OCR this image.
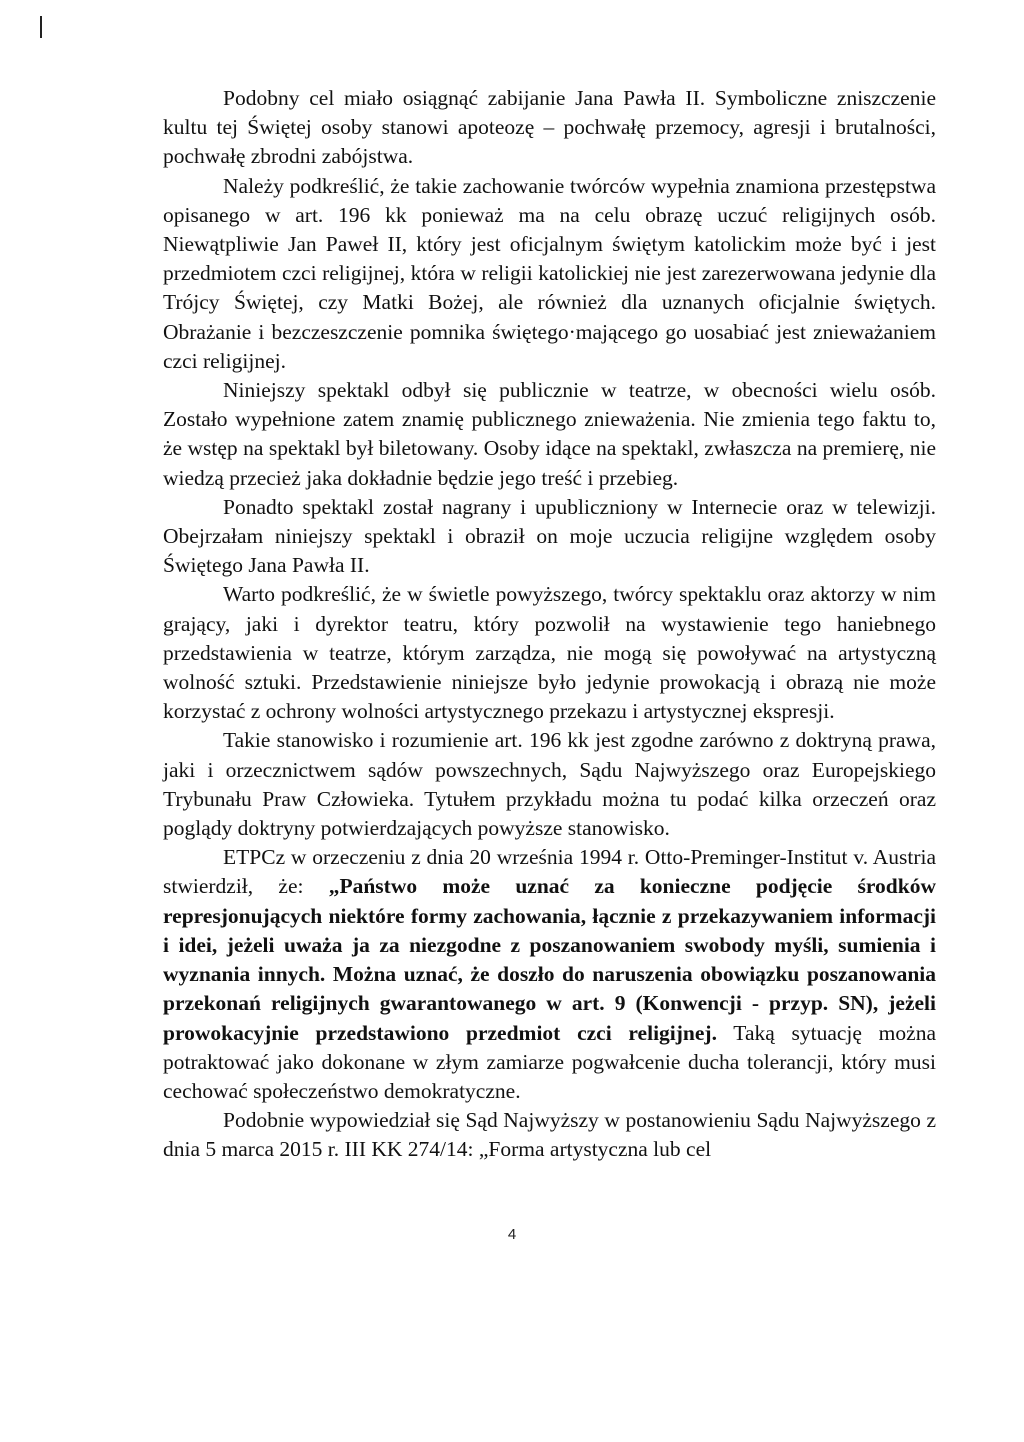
Podobny cel miało osiągnąć zabijanie Jana Pawła II. Symboliczne zniszczenie kultu tej Świętej osoby stanowi apoteozę – pochwałę przemocy, agresji i brutalności, pochwałę zbrodni zabójstwa.

Należy podkreślić, że takie zachowanie twórców wypełnia znamiona przestępstwa opisanego w art. 196 kk ponieważ ma na celu obrazę uczuć religijnych osób. Niewątpliwie Jan Paweł II, który jest oficjalnym świętym katolickim może być i jest przedmiotem czci religijnej, która w religii katolickiej nie jest zarezerwowana jedynie dla Trójcy Świętej, czy Matki Bożej, ale również dla uznanych oficjalnie świętych. Obrażanie i bezczeszczenie pomnika świętego·mającego go uosabiać jest znieważaniem czci religijnej.

Niniejszy spektakl odbył się publicznie w teatrze, w obecności wielu osób. Zostało wypełnione zatem znamię publicznego znieważenia. Nie zmienia tego faktu to, że wstęp na spektakl był biletowany. Osoby idące na spektakl, zwłaszcza na premierę, nie wiedzą przecież jaka dokładnie będzie jego treść i przebieg.

Ponadto spektakl został nagrany i upubliczniony w Internecie oraz w telewizji. Obejrzałam niniejszy spektakl i obraził on moje uczucia religijne względem osoby Świętego Jana Pawła II.

Warto podkreślić, że w świetle powyższego, twórcy spektaklu oraz aktorzy w nim grający, jaki i dyrektor teatru, który pozwolił na wystawienie tego haniebnego przedstawienia w teatrze, którym zarządza, nie mogą się powoływać na artystyczną wolność sztuki. Przedstawienie niniejsze było jedynie prowokacją i obrazą nie może korzystać z ochrony wolności artystycznego przekazu i artystycznej ekspresji.

Takie stanowisko i rozumienie art. 196 kk jest zgodne zarówno z doktryną prawa, jaki i orzecznictwem sądów powszechnych, Sądu Najwyższego oraz Europejskiego Trybunału Praw Człowieka. Tytułem przykładu można tu podać kilka orzeczeń oraz poglądy doktryny potwierdzających powyższe stanowisko.

ETPCz w orzeczeniu z dnia 20 września 1994 r. Otto-Preminger-Institut v. Austria stwierdził, że: „Państwo może uznać za konieczne podjęcie środków represjonujących niektóre formy zachowania, łącznie z przekazywaniem informacji i idei, jeżeli uważa ja za niezgodne z poszanowaniem swobody myśli, sumienia i wyznania innych. Można uznać, że doszło do naruszenia obowiązku poszanowania przekonań religijnych gwarantowanego w art. 9 (Konwencji - przyp. SN), jeżeli prowokacyjnie przedstawiono przedmiot czci religijnej. Taką sytuację można potraktować jako dokonane w złym zamiarze pogwałcenie ducha tolerancji, który musi cechować społeczeństwo demokratyczne.

Podobnie wypowiedział się Sąd Najwyższy w postanowieniu Sądu Najwyższego z dnia 5 marca 2015 r. III KK 274/14: „Forma artystyczna lub cel

4
